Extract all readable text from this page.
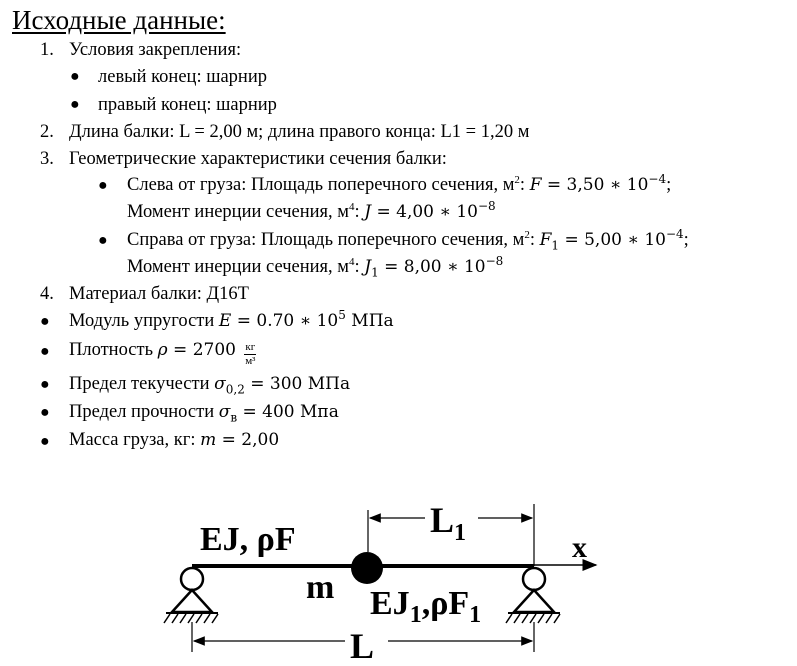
Исходные данные:
1. Условия закрепления:
● левый конец: шарнир
● правый конец: шарнир
2. Длина балки: L = 2,00 м; длина правого конца: L1 = 1,20 м
3. Геометрические характеристики сечения балки:
● Слева от груза: Площадь поперечного сечения, $м^2$: F = 3,50 ∗ $10^{-4}$;
Момент инерции сечения, $м^4$: J = 4,00 ∗ $10^{-8}$
● Справа от груза: Площадь поперечного сечения, $м^2$: $F_1 = 5,00$ ∗ $10^{-4}$;
Момент инерции сечения, $м^4$: $J_1 = 8,00$ ∗ $10^{-8}$
4. Материал балки: Д16Т
● Модуль упругости E = 0.70 ∗ $10^5$ МПа
● Плотность $\rho = 2700 \frac{кг}{\text{м³}}$
● Предел текучести $\sigma_{0,2} = 300$ МПа
● Предел прочности $\sigma_в = 400$ Мпа
● Масса груза, кг: m = 2,00
EJ, ρF
$EJ_1,\rho F_1$
m
$L_1$
L
x
